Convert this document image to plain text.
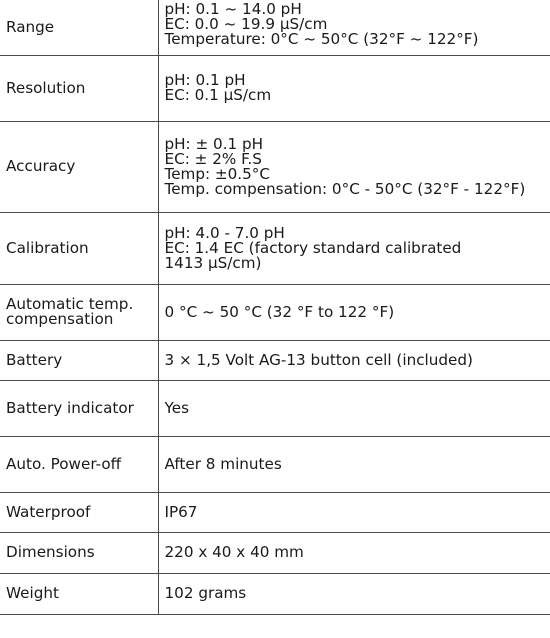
Range	pH: 0.1 ~ 14.0 pH
EC: 0.0 ~ 19.9 µS/cm
Temperature: 0°C ~ 50°C (32°F ~ 122°F)

Resolution	pH: 0.1 pH
EC: 0.1 µS/cm

Accuracy	pH: ± 0.1 pH
EC: ± 2% F.S
Temp: ±0.5°C
Temp. compensation: 0°C - 50°C (32°F - 122°F)

Calibration	pH: 4.0 - 7.0 pH
EC: 1.4 EC (factory standard calibrated
1413 µS/cm)

Automatic temp.
compensation	0 °C ~ 50 °C (32 °F to 122 °F)

Battery	3 × 1,5 Volt AG-13 button cell (included)

Battery indicator	Yes

Auto. Power-off	After 8 minutes

Waterproof	IP67

Dimensions	220 x 40 x 40 mm

Weight	102 grams
